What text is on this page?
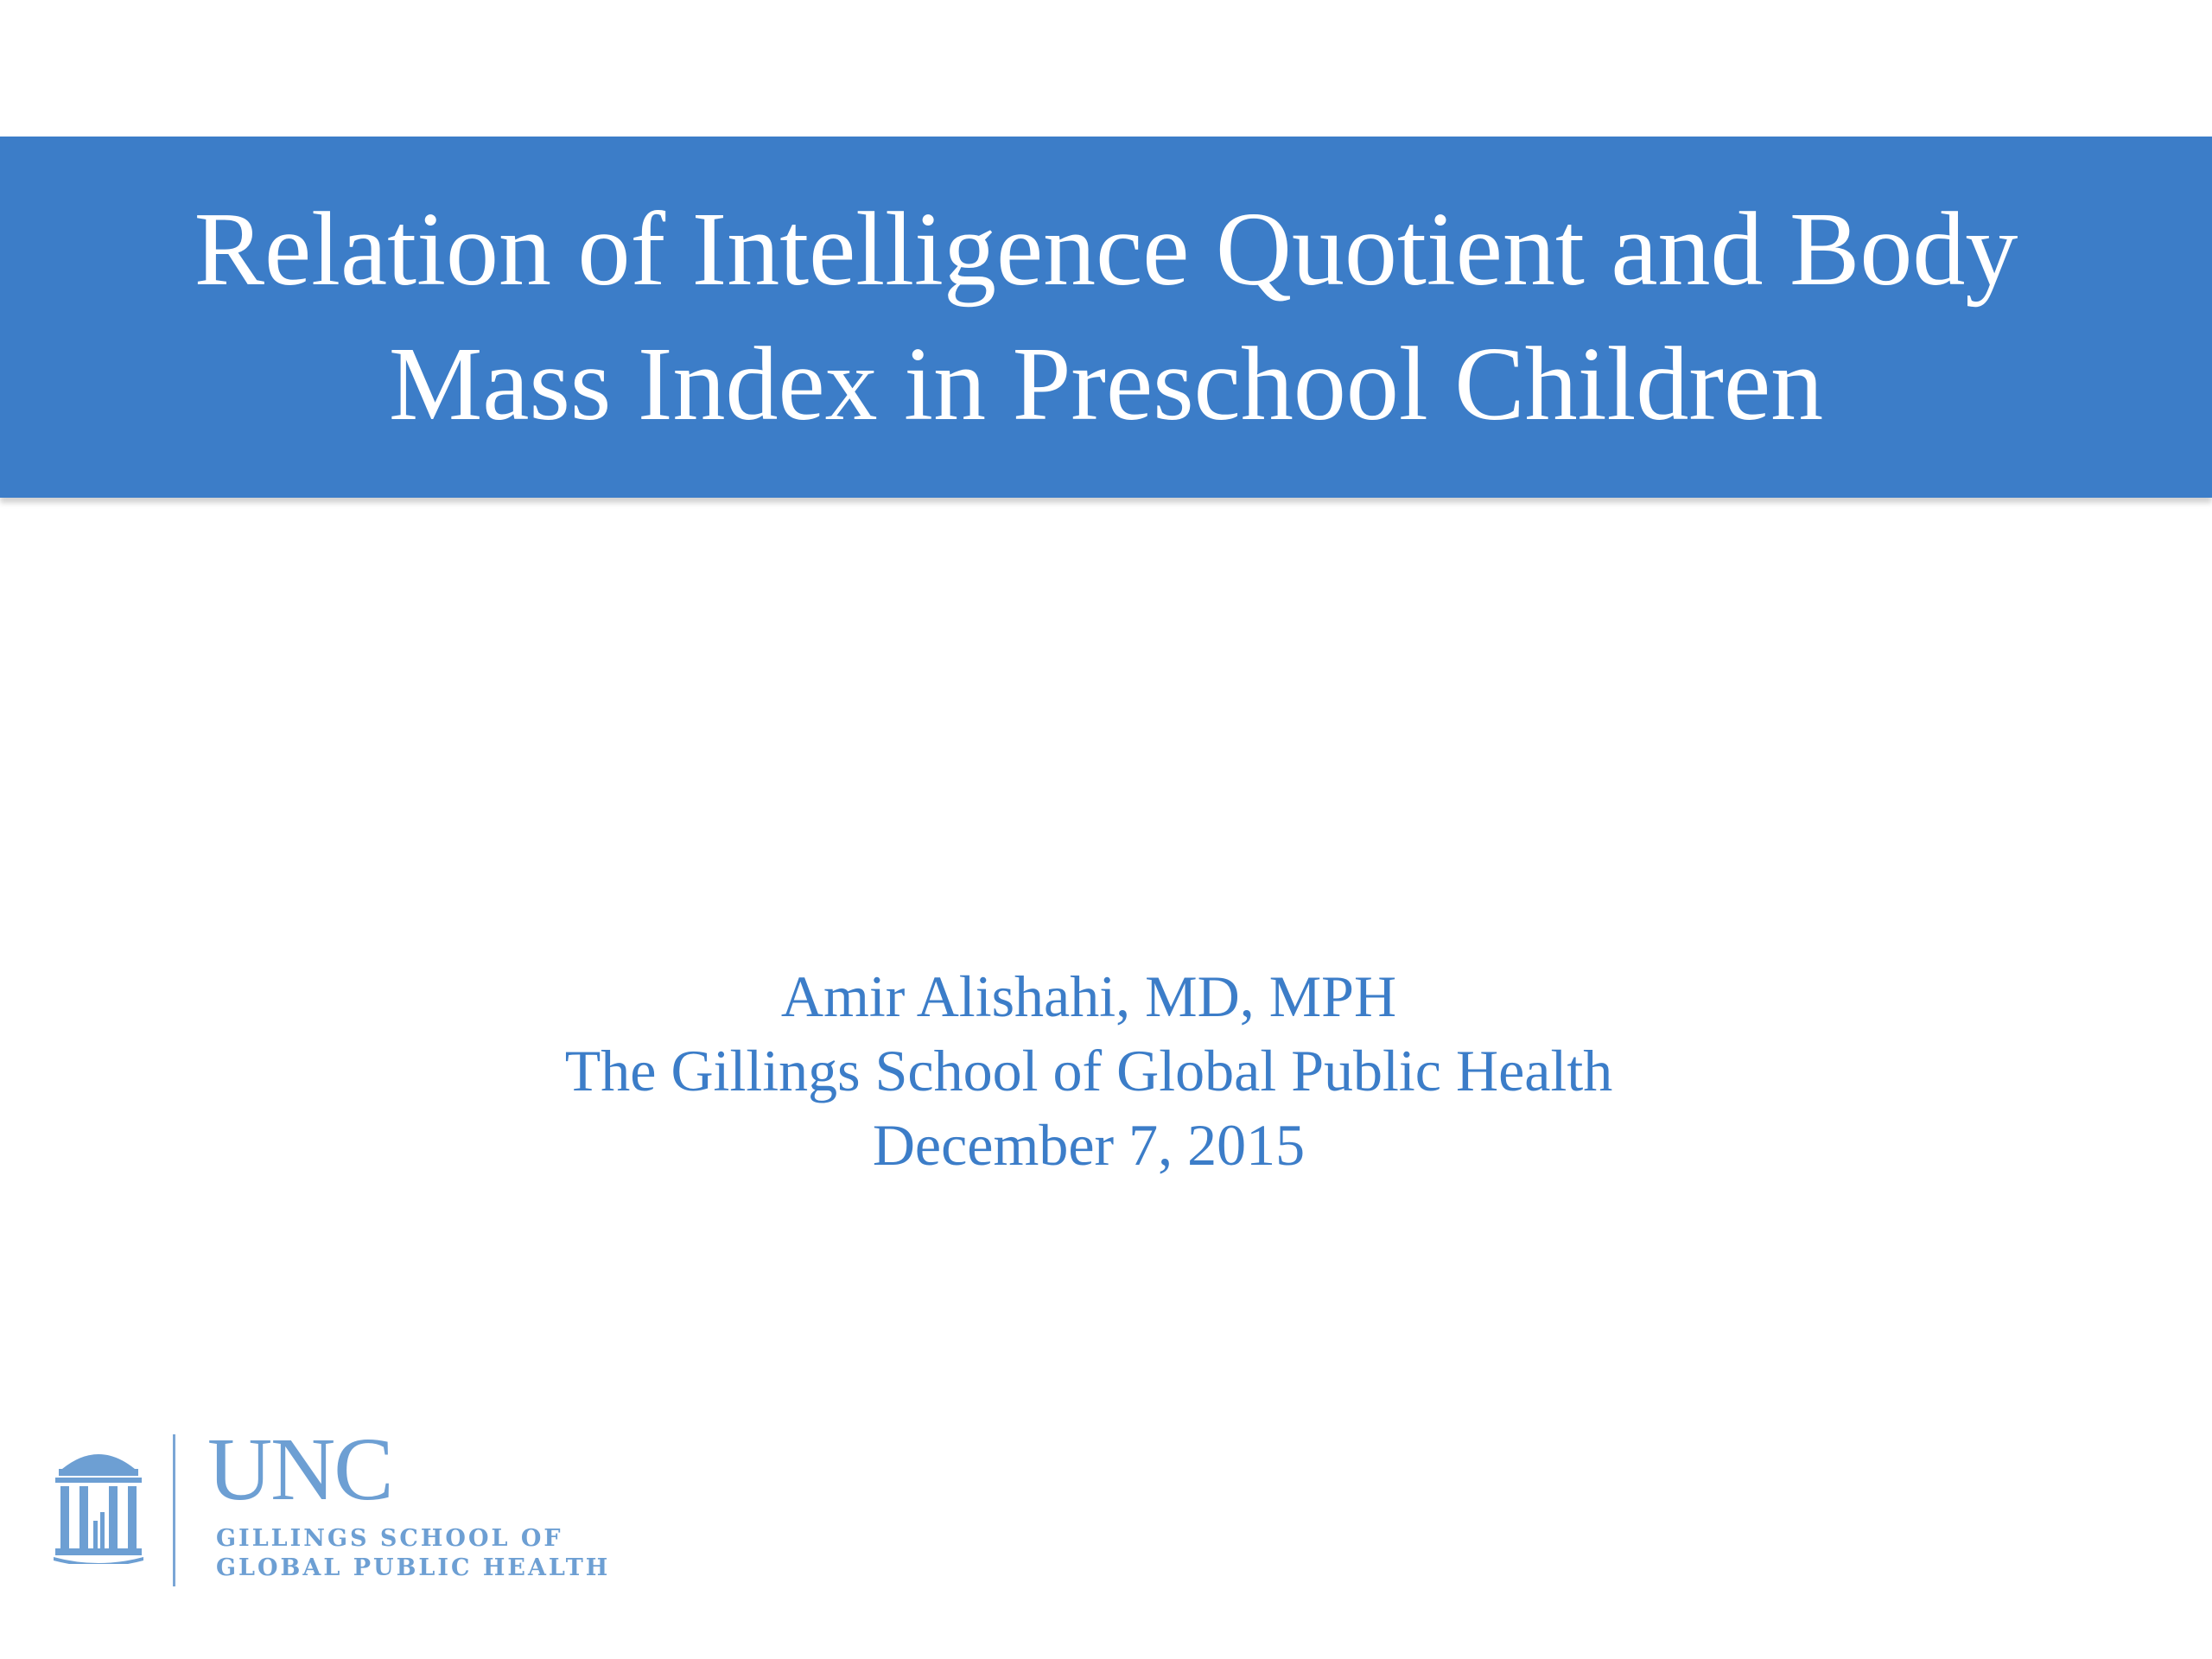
Relation of Intelligence Quotient and Body
Mass Index in Preschool Children
Amir Alishahi, MD, MPH
The Gillings School of Global Public Health
December 7, 2015
UNC
GILLINGS SCHOOL OF
GLOBAL PUBLIC HEALTH
